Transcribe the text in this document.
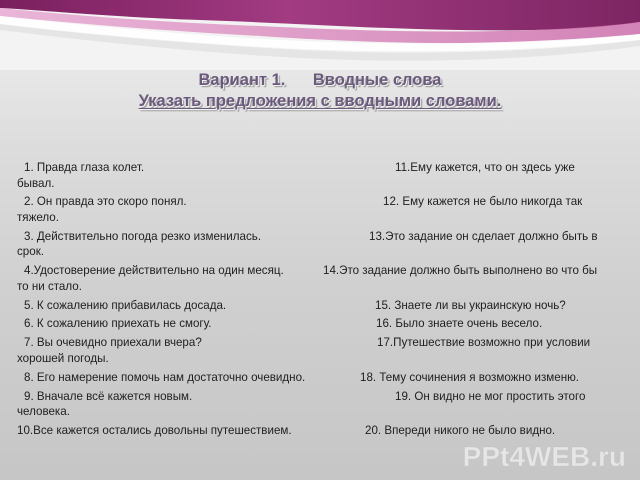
Вариант 1.      Вводные слова
Указать предложения с вводными словами.
1. Правда глаза колет.	11.Ему кажется, что он здесь уже
бывал.
2. Он правда это скоро понял.	12. Ему кажется не было никогда так
тяжело.
3. Действительно погода резко изменилась.	13.Это задание он сделает должно быть в
срок.
4.Удостоверение действительно на один месяц.	14.Это задание должно быть выполнено во что бы
то ни стало.
5. К сожалению прибавилась досада.	15. Знаете ли вы украинскую ночь?
6. К сожалению приехать не смогу.	16. Было знаете очень весело.
7. Вы очевидно приехали вчера?	17.Путешествие возможно при условии
хорошей погоды.
8. Его намерение помочь нам достаточно очевидно.	18. Тему сочинения я возможно изменю.
9. Вначале всё кажется новым.	19. Он видно не мог простить этого
человека.
10.Все кажется остались довольны путешествием.	20. Впереди никого не было видно.
PPt4WEB.ru
